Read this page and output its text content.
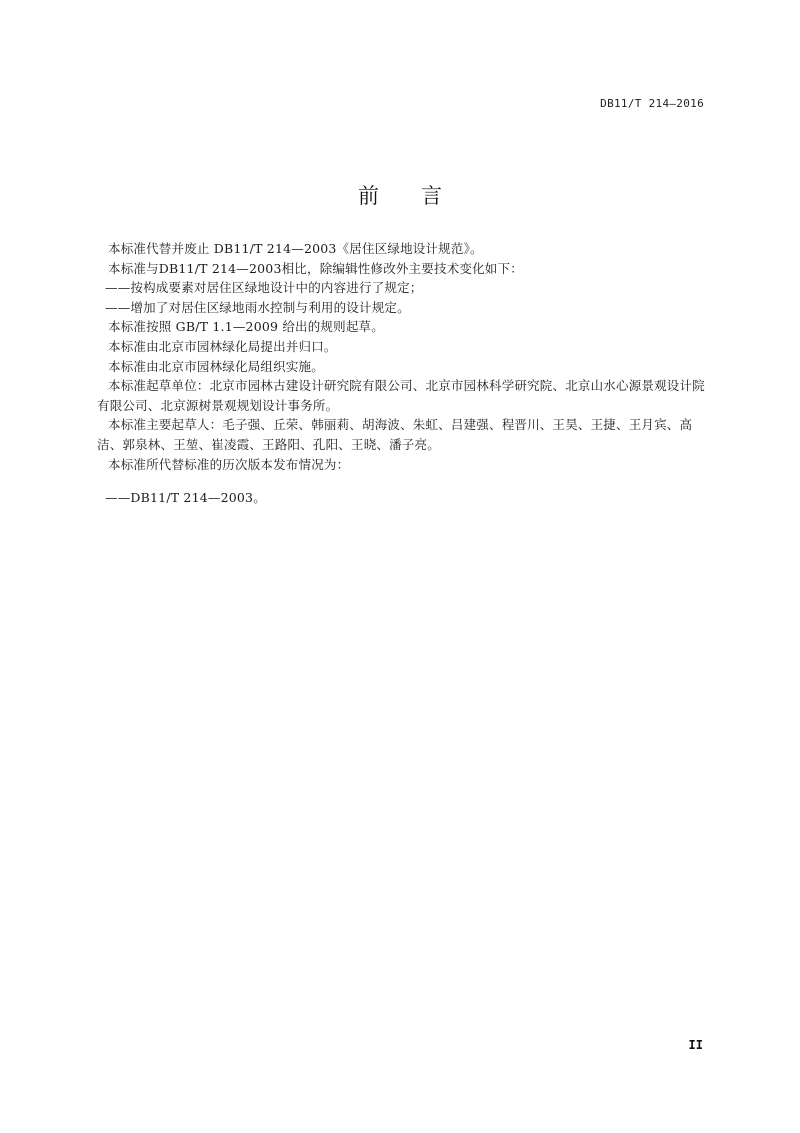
DB11/T 214—2016
前 言

本标准代替并废止 DB11/T 214—2003《居住区绿地设计规范》。

本标准与DB11/T 214—2003相比，除编辑性修改外主要技术变化如下：

——按构成要素对居住区绿地设计中的内容进行了规定；

——增加了对居住区绿地雨水控制与利用的设计规定。

本标准按照 GB/T 1.1—2009 给出的规则起草。

本标准由北京市园林绿化局提出并归口。

本标准由北京市园林绿化局组织实施。

本标准起草单位：北京市园林古建设计研究院有限公司、北京市园林科学研究院、北京山水心源景观设计院有限公司、北京源树景观规划设计事务所。

本标准主要起草人：毛子强、丘荣、韩丽莉、胡海波、朱虹、吕建强、程晋川、王昊、王捷、王月宾、高洁、郭泉林、王堃、崔凌霞、王路阳、孔阳、王晓、潘子亮。

本标准所代替标准的历次版本发布情况为：

——DB11/T 214—2003。

II
